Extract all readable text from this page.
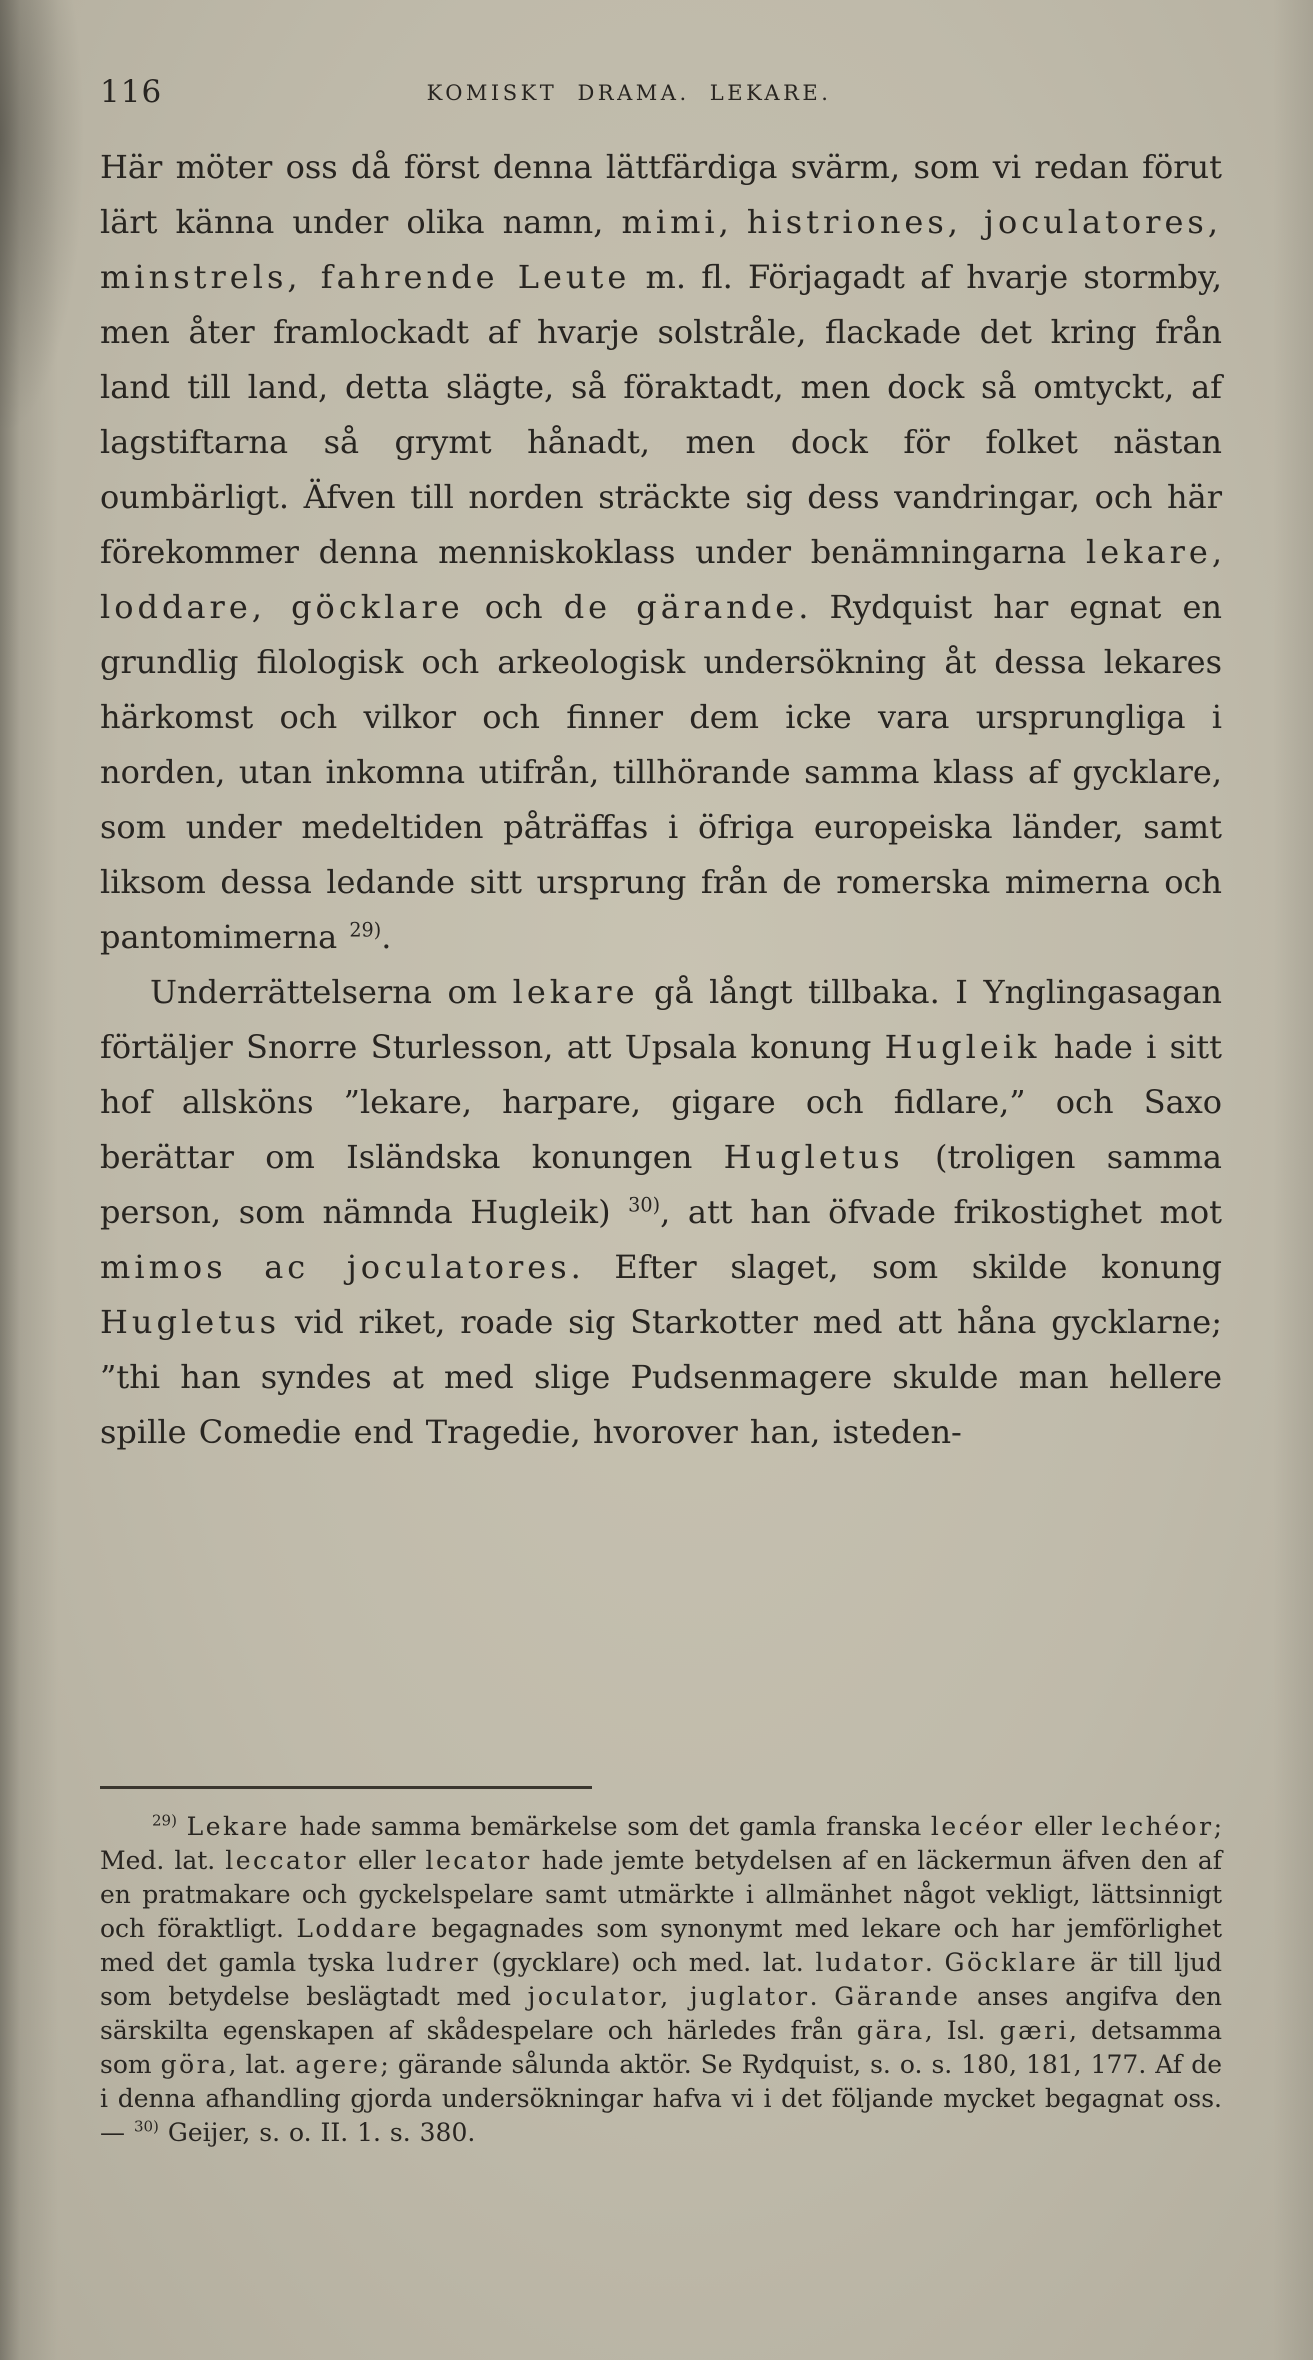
116	KOMISKT DRAMA. LEKARE.

Här möter oss då först denna lättfärdiga svärm, som vi redan förut lärt känna under olika namn, mimi, histriones, joculatores, minstrels, fahrende Leute m. fl. Förjagadt af hvarje stormby, men åter framlockadt af hvarje solstråle, flackade det kring från land till land, detta slägte, så föraktadt, men dock så omtyckt, af lagstiftarna så grymt hånadt, men dock för folket nästan oumbärligt. Äfven till norden sträckte sig dess vandringar, och här förekommer denna menniskoklass under benämningarna lekare, loddare, göcklare och de gärande. Rydquist har egnat en grundlig filologisk och arkeologisk undersökning åt dessa lekares härkomst och vilkor och finner dem icke vara ursprungliga i norden, utan inkomna utifrån, tillhörande samma klass af gycklare, som under medeltiden påträffas i öfriga europeiska länder, samt liksom dessa ledande sitt ursprung från de romerska mimerna och pantomimerna $^{29)}$.

Underrättelserna om lekare gå långt tillbaka. I Ynglingasagan förtäljer Snorre Sturlesson, att Upsala konung Hugleik hade i sitt hof allsköns ”lekare, harpare, gigare och fidlare,” och Saxo berättar om Isländska konungen Hugletus (troligen samma person, som nämnda Hugleik) $^{30)}$, att han öfvade frikostighet mot mimos ac joculatores. Efter slaget, som skilde konung Hugletus vid riket, roade sig Starkotter med att håna gycklarne; ”thi han syndes at med slige Pudsenmagere skulde man hellere spille Comedie end Tragedie, hvorover han, isteden-

$^{29)}$ Lekare hade samma bemärkelse som det gamla franska lecéor eller lechéor; Med. lat. leccator eller lecator hade jemte betydelsen af en läckermun äfven den af en pratmakare och gyckelspelare samt utmärkte i allmänhet något vekligt, lättsinnigt och föraktligt. Loddare begagnades som synonymt med lekare och har jemförlighet med det gamla tyska ludrer (gycklare) och med. lat. ludator. Göcklare är till ljud som betydelse beslägtadt med joculator, juglator. Gärande anses angifva den särskilta egenskapen af skådespelare och härledes från gära, Isl. gæri, detsamma som göra, lat. agere; gärande sålunda aktör. Se Rydquist, s. o. s. 180, 181, 177. Af de i denna afhandling gjorda undersökningar hafva vi i det följande mycket begagnat oss. — $^{30)}$ Geijer, s. o. II. 1. s. 380.
